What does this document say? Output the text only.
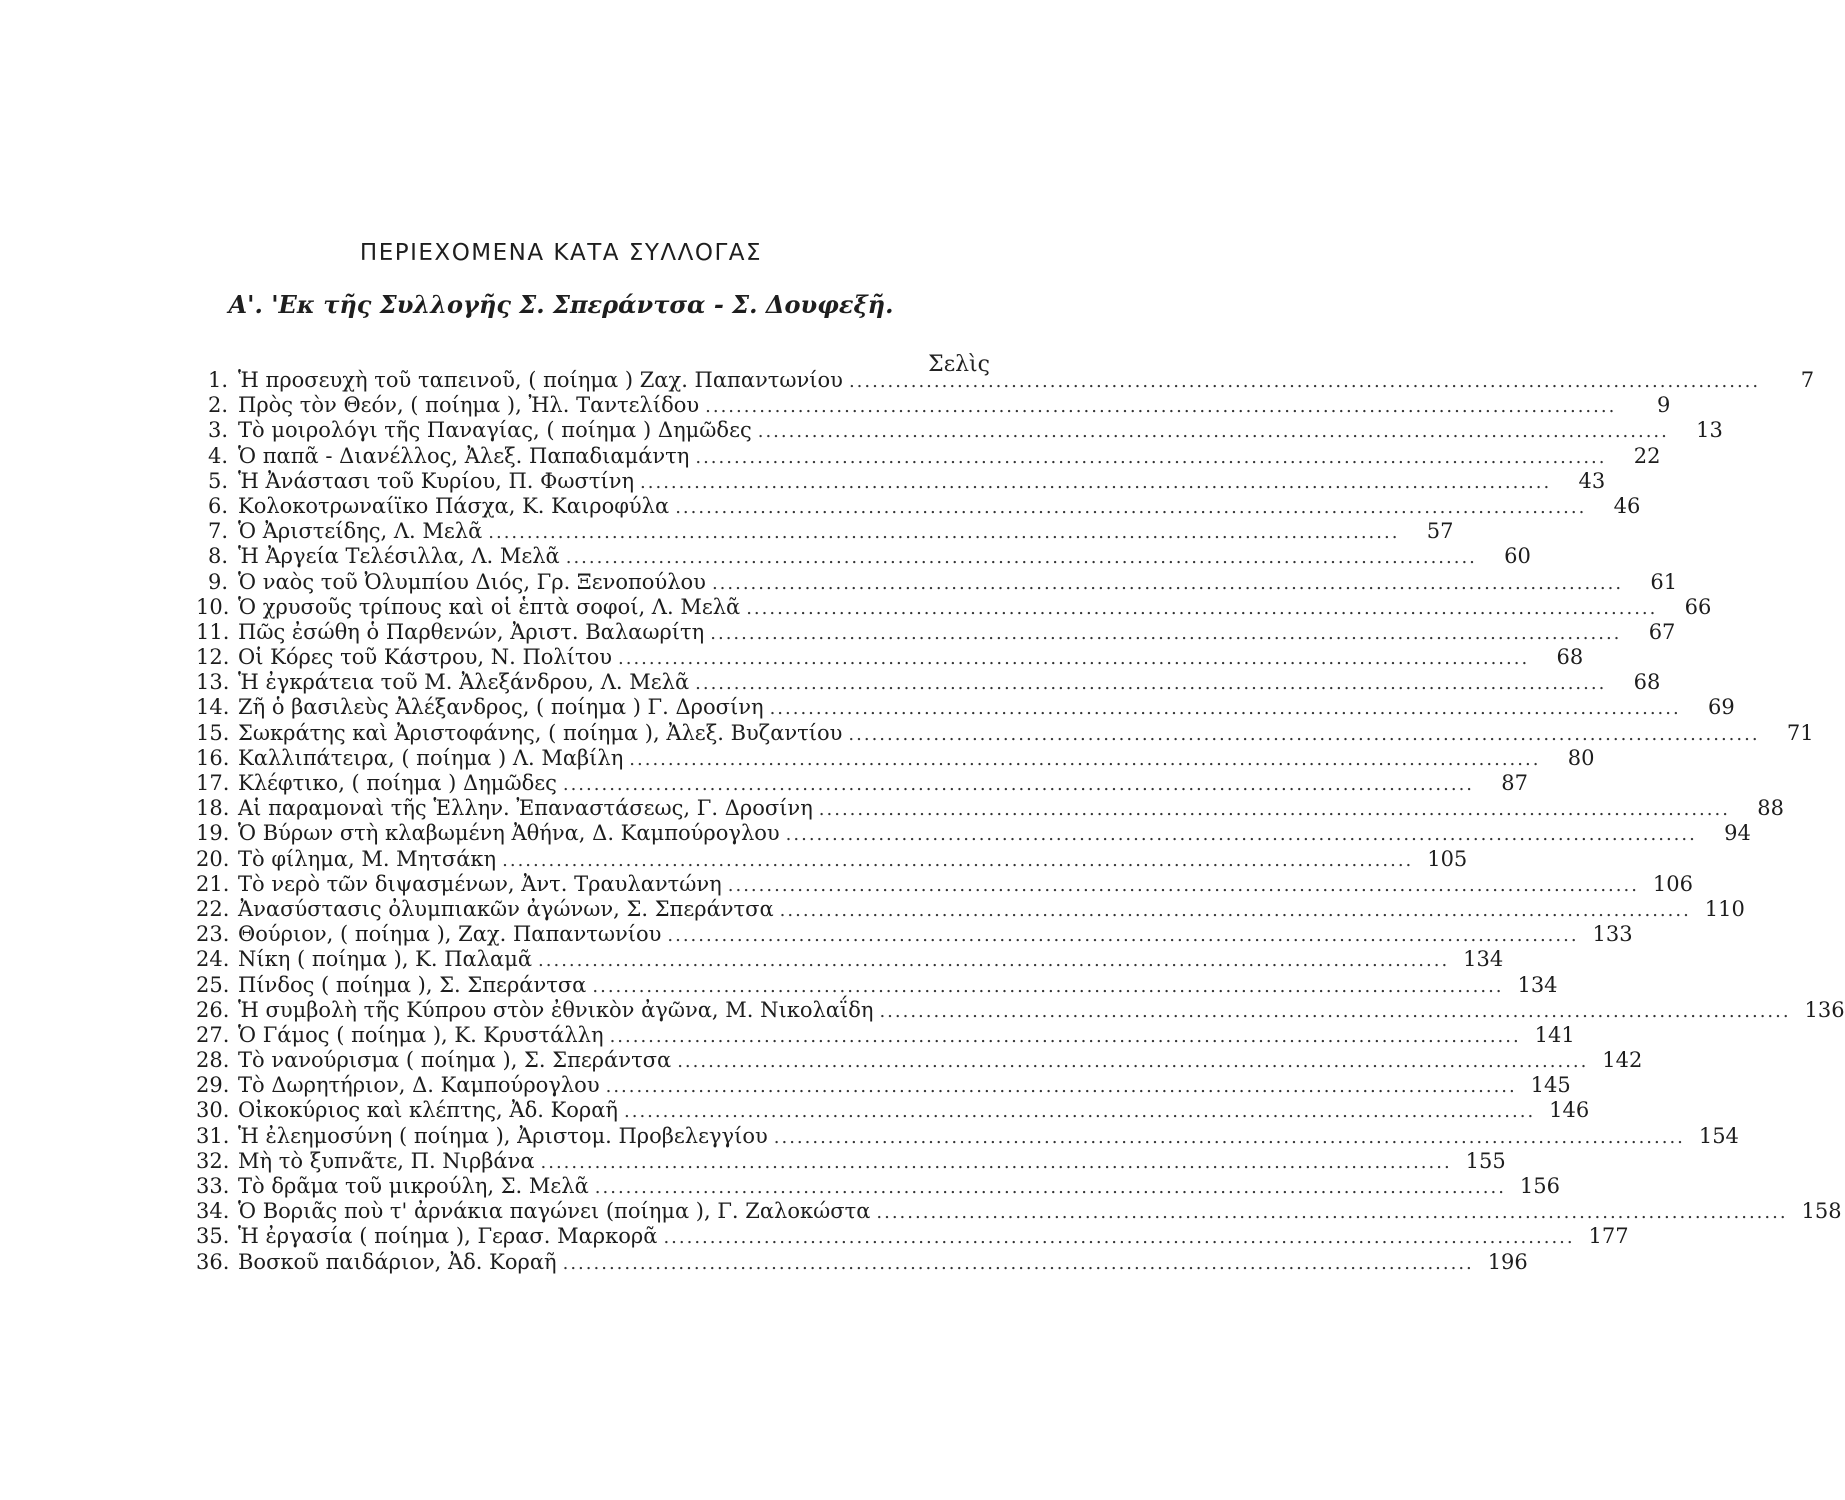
ΠΕΡΙΕΧΟΜΕΝΑ ΚΑΤΑ ΣΥΛΛΟΓΑΣ
Α'. 'Εκ τῆς Συλλογῆς Σ. Σπεράντσα - Σ. Δουφεξῆ.
Σελὶς
1. Ἡ προσευχὴ τοῦ ταπεινοῦ, ( ποίημα ) Ζαχ. Παπαντωνίου .....	7
2. Πρὸς τὸν Θεόν, ( ποίημα ), Ἠλ. Ταντελίδου .....	9
3. Τὸ μοιρολόγι τῆς Παναγίας, ( ποίημα ) Δημῶδες .....	13
4. Ὁ παπᾶ - Διανέλλος, Ἀλεξ. Παπαδιαμάντη .....	22
5. Ἡ Ἀνάστασι τοῦ Κυρίου, Π. Φωστίνη .....	43
6. Κολοκοτρωναίϊκο Πάσχα, Κ. Καιροφύλα .....	46
7. Ὁ Ἀριστείδης, Λ. Μελᾶ .....	57
8. Ἡ Ἀργεία Τελέσιλλα, Λ. Μελᾶ .....	60
9. Ὁ ναὸς τοῦ Ὀλυμπίου Διός, Γρ. Ξενοπούλου .....	61
10. Ὁ χρυσοῦς τρίπους καὶ οἱ ἑπτὰ σοφοί, Λ. Μελᾶ .....	66
11. Πῶς ἐσώθη ὁ Παρθενών, Ἀριστ. Βαλαωρίτη .....	67
12. Οἱ Κόρες τοῦ Κάστρου, Ν. Πολίτου .....	68
13. Ἡ ἐγκράτεια τοῦ Μ. Ἀλεξάνδρου, Λ. Μελᾶ .....	68
14. Ζῆ ὁ βασιλεὺς Ἀλέξανδρος, ( ποίημα ) Γ. Δροσίνη .....	69
15. Σωκράτης καὶ Ἀριστοφάνης, ( ποίημα ), Ἀλεξ. Βυζαντίου .....	71
16. Καλλιπάτειρα, ( ποίημα ) Λ. Μαβίλη .....	80
17. Κλέφτικο, ( ποίημα ) Δημῶδες .....	87
18. Αἱ παραμοναὶ τῆς Ἑλλην. Ἐπαναστάσεως, Γ. Δροσίνη .....	88
19. Ὁ Βύρων στὴ κλαβωμένη Ἀθήνα, Δ. Καμπούρογλου .....	94
20. Τὸ φίλημα, Μ. Μητσάκη .....	105
21. Τὸ νερὸ τῶν διψασμένων, Ἀντ. Τραυλαντώνη .....	106
22. Ἀνασύστασις ὀλυμπιακῶν ἀγώνων, Σ. Σπεράντσα .....	110
23. Θούριον, ( ποίημα ), Ζαχ. Παπαντωνίου .....	133
24. Νίκη ( ποίημα ), Κ. Παλαμᾶ .....	134
25. Πίνδος ( ποίημα ), Σ. Σπεράντσα .....	134
26. Ἡ συμβολὴ τῆς Κύπρου στὸν ἐθνικὸν ἀγῶνα, Μ. Νικολαΐδη .....	136
27. Ὁ Γάμος ( ποίημα ), Κ. Κρυστάλλη .....	141
28. Τὸ νανούρισμα ( ποίημα ), Σ. Σπεράντσα .....	142
29. Τὸ Δωρητήριον, Δ. Καμπούρογλου .....	145
30. Οἰκοκύριος καὶ κλέπτης, Ἀδ. Κοραῆ .....	146
31. Ἡ ἐλεημοσύνη ( ποίημα ), Ἀριστομ. Προβελεγγίου .....	154
32. Μὴ τὸ ξυπνᾶτε, Π. Νιρβάνα .....	155
33. Τὸ δρᾶμα τοῦ μικρούλη, Σ. Μελᾶ .....	156
34. Ὁ Βοριᾶς ποὺ τ' ἀρνάκια παγώνει (ποίημα ), Γ. Ζαλοκώστα .....	158
35. Ἡ ἐργασία ( ποίημα ), Γερασ. Μαρκορᾶ .....	177
36. Βοσκοῦ παιδάριον, Ἀδ. Κοραῆ .....	196
